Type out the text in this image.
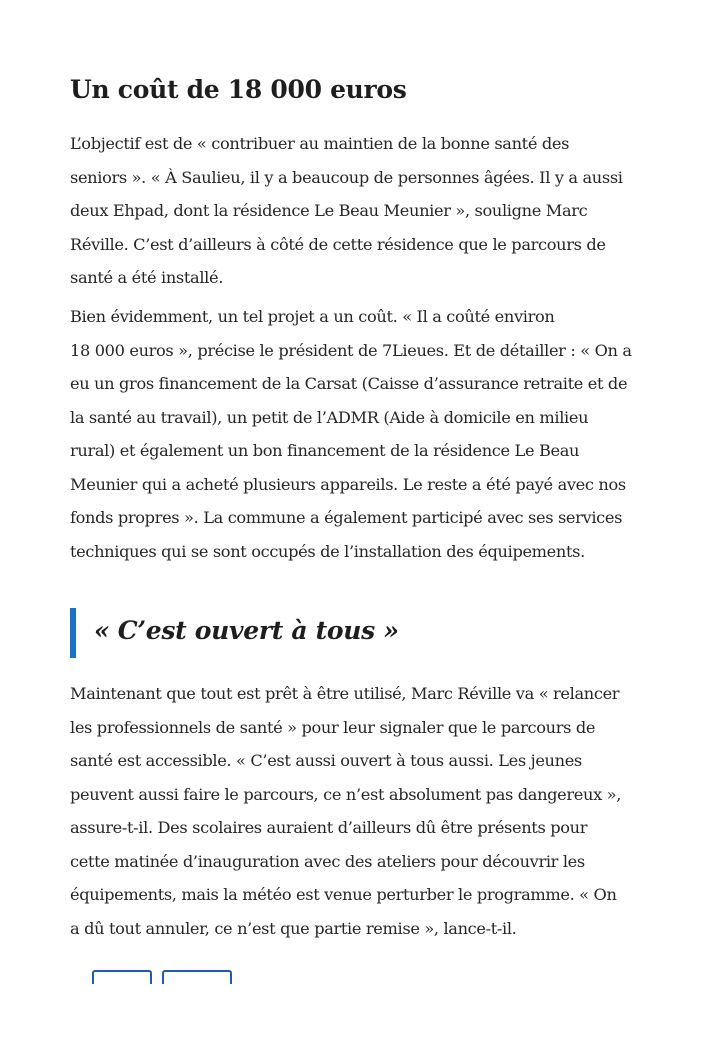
Un coût de 18 000 euros

L’objectif est de « contribuer au maintien de la bonne santé des
seniors ». « À Saulieu, il y a beaucoup de personnes âgées. Il y a aussi
deux Ehpad, dont la résidence Le Beau Meunier », souligne Marc
Réville. C’est d’ailleurs à côté de cette résidence que le parcours de
santé a été installé.

Bien évidemment, un tel projet a un coût. « Il a coûté environ
18 000 euros », précise le président de 7Lieues. Et de détailler : « On a
eu un gros financement de la Carsat (Caisse d’assurance retraite et de
la santé au travail), un petit de l’ADMR (Aide à domicile en milieu
rural) et également un bon financement de la résidence Le Beau
Meunier qui a acheté plusieurs appareils. Le reste a été payé avec nos
fonds propres ». La commune a également participé avec ses services
techniques qui se sont occupés de l’installation des équipements.

« C’est ouvert à tous »

Maintenant que tout est prêt à être utilisé, Marc Réville va « relancer
les professionnels de santé » pour leur signaler que le parcours de
santé est accessible. « C’est aussi ouvert à tous aussi. Les jeunes
peuvent aussi faire le parcours, ce n’est absolument pas dangereux »,
assure-t-il. Des scolaires auraient d’ailleurs dû être présents pour
cette matinée d’inauguration avec des ateliers pour découvrir les
équipements, mais la météo est venue perturber le programme. « On
a dû tout annuler, ce n’est que partie remise », lance-t-il.
